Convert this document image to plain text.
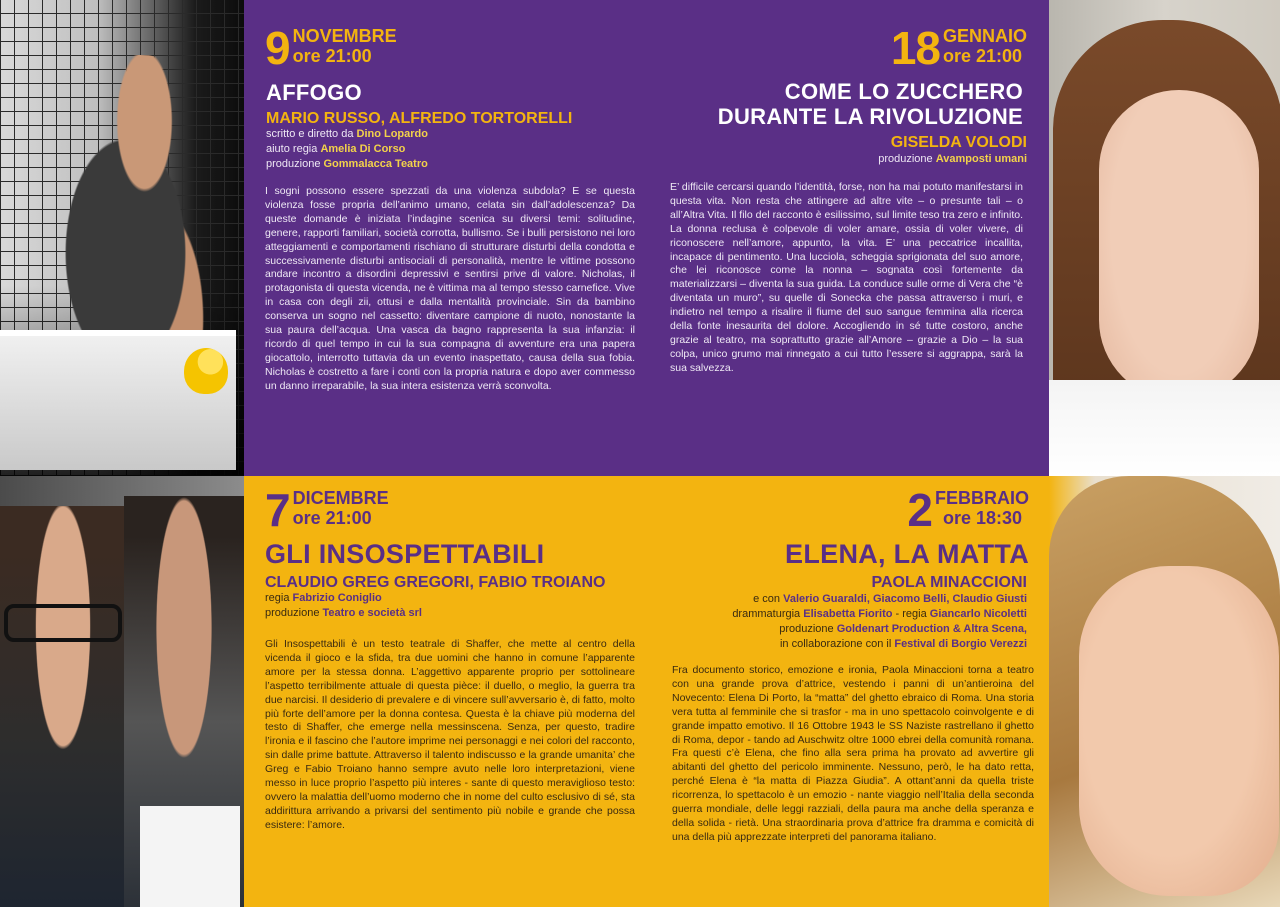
9 NOVEMBRE
ore 21:00
AFFOGO
MARIO RUSSO, ALFREDO TORTORELLI
scritto e diretto da Dino Lopardo
aiuto regia Amelia Di Corso
produzione Gommalacca Teatro
I sogni possono essere spezzati da una violenza subdola? E se questa violenza fosse propria dell’animo umano, celata sin dall’adolescenza? Da queste domande è iniziata l’indagine scenica su diversi temi: solitudine, genere, rapporti familiari, società corrotta, bullismo. Se i bulli persistono nei loro atteggiamenti e comportamenti rischiano di strutturare disturbi della condotta e successivamente disturbi antisociali di personalità, mentre le vittime possono andare incontro a disordini depressivi e sentirsi prive di valore. Nicholas, il protagonista di questa vicenda, ne è vittima ma al tempo stesso carnefice. Vive in casa con degli zii, ottusi e dalla mentalità provinciale. Sin da bambino conserva un sogno nel cassetto: diventare campione di nuoto, nonostante la sua paura dell’acqua. Una vasca da bagno rappresenta la sua infanzia: il ricordo di quel tempo in cui la sua compagna di avventure era una papera giocattolo, interrotto tuttavia da un evento inaspettato, causa della sua fobia. Nicholas è costretto a fare i conti con la propria natura e dopo aver commesso un danno irreparabile, la sua intera esistenza verrà sconvolta.
18 GENNAIO
ore 21:00
COME LO ZUCCHERO
DURANTE LA RIVOLUZIONE
GISELDA VOLODI
produzione Avamposti umani
E’ difficile cercarsi quando l’identità, forse, non ha mai potuto manifestarsi in questa vita. Non resta che attingere ad altre vite – o presunte tali – o all’Altra Vita. Il filo del racconto è esilissimo, sul limite teso tra zero e infinito. La donna reclusa è colpevole di voler amare, ossia di voler vivere, di riconoscere nell’amore, appunto, la vita. E’ una peccatrice incallita, incapace di pentimento. Una lucciola, scheggia sprigionata del suo amore, che lei riconosce come la nonna – sognata così fortemente da materializzarsi – diventa la sua guida. La conduce sulle orme di Vera che “è diventata un muro”, su quelle di Sonecka che passa attraverso i muri, e indietro nel tempo a risalire il fiume del suo sangue femmina alla ricerca della fonte inesaurita del dolore. Accogliendo in sé tutte costoro, anche grazie al teatro, ma soprattutto grazie all’Amore – grazie a Dio – la sua colpa, unico grumo mai rinnegato a cui tutto l’essere si aggrappa, sarà la sua salvezza.
7 DICEMBRE
ore 21:00
GLI INSOSPETTABILI
CLAUDIO GREG GREGORI, FABIO TROIANO
regia Fabrizio Coniglio
produzione Teatro e società srl
Gli Insospettabili è un testo teatrale di Shaffer, che mette al centro della vicenda il gioco e la sfida, tra due uomini che hanno in comune l’apparente amore per la stessa donna. L’aggettivo apparente proprio per sottolineare l’aspetto terribilmente attuale di questa pièce: il duello, o meglio, la guerra tra due narcisi. Il desiderio di prevalere e di vincere sull’avversario è, di fatto, molto più forte dell’amore per la donna contesa. Questa è la chiave più moderna del testo di Shaffer, che emerge nella messinscena. Senza, per questo, tradire l’ironia e il fascino che l’autore imprime nei personaggi e nei colori del racconto, sin dalle prime battute. Attraverso il talento indiscusso e la grande umanita’ che Greg e Fabio Troiano hanno sempre avuto nelle loro interpretazioni, viene messo in luce proprio l’aspetto più interes - sante di questo meraviglioso testo: ovvero la malattia dell’uomo moderno che in nome del culto esclusivo di sé, sta addirittura arrivando a privarsi del sentimento più nobile e grande che possa esistere: l’amore.
2 FEBBRAIO
ore 18:30
ELENA, LA MATTA
PAOLA MINACCIONI
e con Valerio Guaraldi, Giacomo Belli, Claudio Giusti
drammaturgia Elisabetta Fiorito - regia Giancarlo Nicoletti
produzione Goldenart Production & Altra Scena,
in collaborazione con il Festival di Borgio Verezzi
Fra documento storico, emozione e ironia, Paola Minaccioni torna a teatro con una grande prova d’attrice, vestendo i panni di un’antieroina del Novecento: Elena Di Porto, la “matta” del ghetto ebraico di Roma. Una storia vera tutta al femminile che si trasfor - ma in uno spettacolo coinvolgente e di grande impatto emotivo. Il 16 Ottobre 1943 le SS Naziste rastrellano il ghetto di Roma, depor - tando ad Auschwitz oltre 1000 ebrei della comunità romana. Fra questi c’è Elena, che fino alla sera prima ha provato ad avvertire gli abitanti del ghetto del pericolo imminente. Nessuno, però, le ha dato retta, perché Elena è “la matta di Piazza Giudia”. A ottant’anni da quella triste ricorrenza, lo spettacolo è un emozio - nante viaggio nell’Italia della seconda guerra mondiale, delle leggi razziali, della paura ma anche della speranza e della solida - rietà. Una straordinaria prova d’attrice fra dramma e comicità di una della più apprezzate interpreti del panorama italiano.
